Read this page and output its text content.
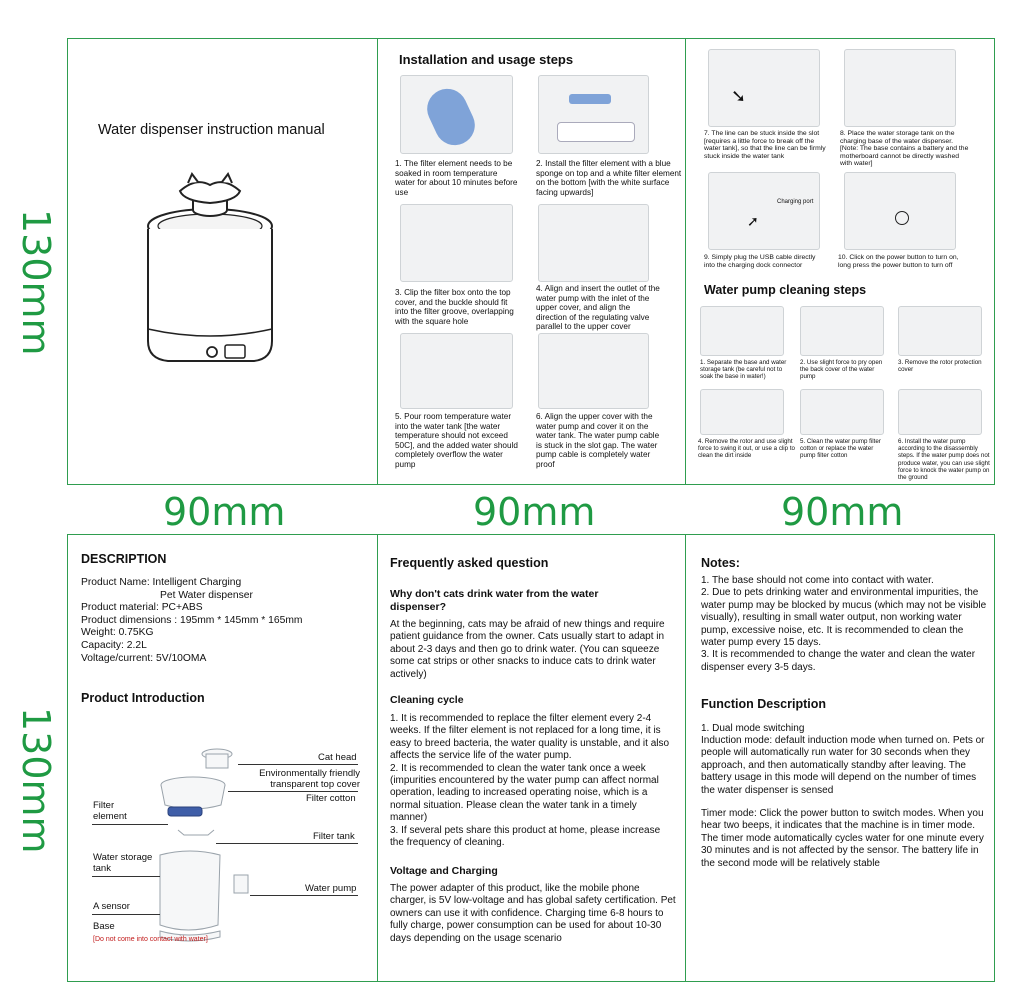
130mm
130mm
90mm	90mm	90mm
Water dispenser instruction manual
Installation and usage steps
1. The filter element needs to be soaked in room temperature water for about 10 minutes before use
2. Install the filter element with a blue sponge on top and a white filter element on the bottom [with the white surface facing upwards]
3. Clip the filter box onto the top cover, and the buckle should fit into the filter groove, overlapping with the square hole
4. Align and insert the outlet of the water pump with the inlet of the upper cover, and align the direction of the regulating valve parallel to the upper cover
5. Pour room temperature water into the water tank [the water temperature should not exceed 50C], and the added water should completely overflow the water pump
6. Align the upper cover with the water pump and cover it on the water tank. The water pump cable is stuck in the slot gap. The water pump cable is completely water proof
➘
7. The line can be stuck inside the slot [requires a little force to break off the water tank], so that the line can be firmly stuck inside the water tank
8. Place the water storage tank on the charging base of the water dispenser. [Note: The base contains a battery and the motherboard cannot be directly washed with water]
Charging port
➚
9. Simply plug the USB cable directly into the charging dock connector
10. Click on the power button to turn on, long press the power button to turn off
Water pump cleaning steps
1. Separate the base and water storage tank (be careful not to soak the base in water!)
2. Use slight force to pry open the back cover of the water pump
3. Remove the rotor protection cover
4. Remove the rotor and use slight force to swing it out, or use a clip to clean the dirt inside
5. Clean the water pump filter cotton or replace the water pump filter cotton
6. Install the water pump according to the disassembly steps. If the water pump does not produce water, you can use slight force to knock the water pump on the ground
DESCRIPTION
Product Name: Intelligent Charging
Pet Water dispenser
Product material: PC+ABS
Product dimensions : 195mm * 145mm * 165mm
Weight: 0.75KG
Capacity: 2.2L
Voltage/current: 5V/10OMA
Product Introduction
Cat head
Environmentally friendly transparent top cover
Filter cotton
Filter element
Filter tank
Water storage tank
Water pump
A sensor
Base
[Do not come into contact with water]
Frequently asked question
Why don't cats drink water from the water dispenser?
At the beginning, cats may be afraid of new things and require patient guidance from the owner. Cats usually start to adapt in about 2-3 days and then go to drink water. (You can squeeze some cat strips or other snacks to induce cats to drink water actively)
Cleaning cycle
1. It is recommended to replace the filter element every 2-4 weeks. If the filter element is not replaced for a long time, it is easy to breed bacteria, the water quality is unstable, and it also affects the service life of the water pump.
2. It is recommended to clean the water tank once a week (impurities encountered by the water pump can affect normal operation, leading to increased operating noise, which is a normal situation. Please clean the water tank in a timely manner)
3. If several pets share this product at home, please increase the frequency of cleaning.
Voltage and Charging
The power adapter of this product, like the mobile phone charger, is 5V low-voltage and has global safety certification. Pet owners can use it with confidence. Charging time 6-8 hours to fully charge, power consumption can be used for about 10-30 days depending on the usage scenario
Notes:
1. The base should not come into contact with water.
2. Due to pets drinking water and environmental impurities, the water pump may be blocked by mucus (which may not be visible visually), resulting in small water output, non working water pump, excessive noise, etc. It is recommended to clean the water pump every 15 days.
3. It is recommended to change the water and clean the water dispenser every 3-5 days.
Function Description
1. Dual mode switching
Induction mode: default induction mode when turned on. Pets or people will automatically run water for 30 seconds when they approach, and then automatically standby after leaving. The battery usage in this mode will depend on the number of times the water dispenser is sensed
Timer mode: Click the power button to switch modes. When you hear two beeps, it indicates that the machine is in timer mode. The timer mode automatically cycles water for one minute every 30 minutes and is not affected by the sensor. The battery life in the second mode will be relatively stable
